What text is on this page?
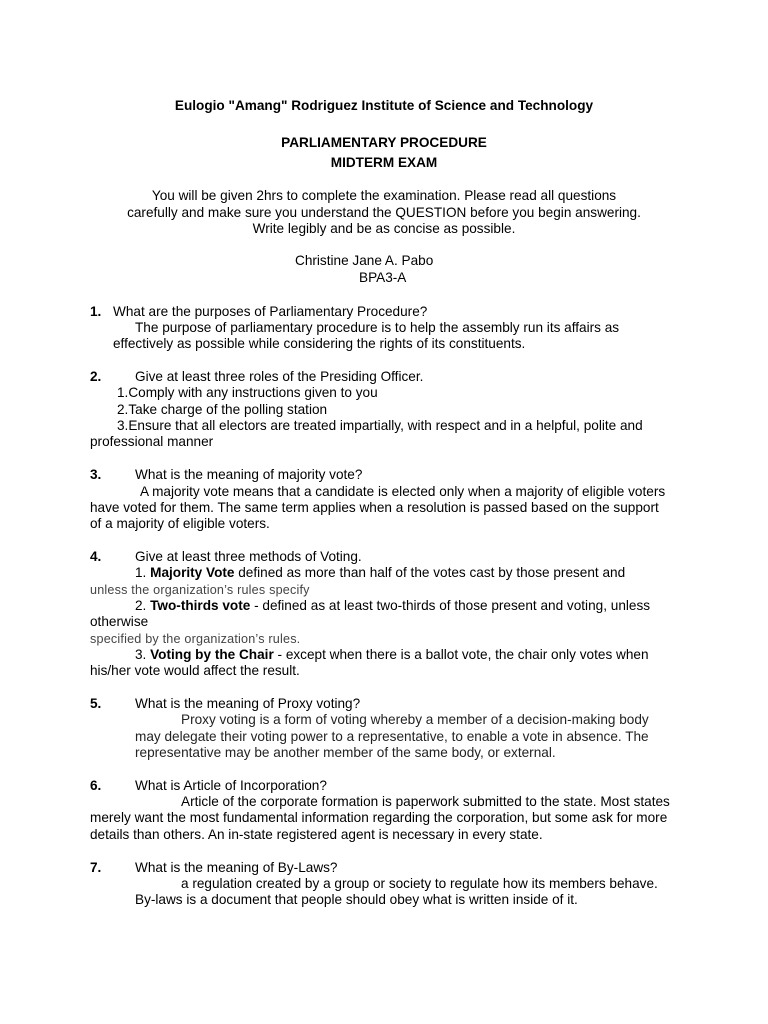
Eulogio "Amang" Rodriguez Institute of Science and Technology

PARLIAMENTARY PROCEDURE

MIDTERM EXAM

You will be given 2hrs to complete the examination. Please read all questions

carefully and make sure you understand the QUESTION before you begin answering.

Write legibly and be as concise as possible.

Christine Jane A. Pabo

BPA3-A

1. What are the purposes of Parliamentary Procedure?

The purpose of parliamentary procedure is to help the assembly run its affairs as

effectively as possible while considering the rights of its constituents.

2. Give at least three roles of the Presiding Officer.

1.Comply with any instructions given to you

2.Take charge of the polling station

3.Ensure that all electors are treated impartially, with respect and in a helpful, polite and

professional manner

3. What is the meaning of majority vote?

A majority vote means that a candidate is elected only when a majority of eligible voters

have voted for them. The same term applies when a resolution is passed based on the support

of a majority of eligible voters.

4. Give at least three methods of Voting.

1. Majority Vote defined as more than half of the votes cast by those present and

unless the organization’s rules specify

2. Two-thirds vote - defined as at least two-thirds of those present and voting, unless

otherwise

specified by the organization’s rules.

3. Voting by the Chair - except when there is a ballot vote, the chair only votes when

his/her vote would affect the result.

5. What is the meaning of Proxy voting?

Proxy voting is a form of voting whereby a member of a decision-making body

may delegate their voting power to a representative, to enable a vote in absence. The

representative may be another member of the same body, or external.

6. What is Article of Incorporation?

Article of the corporate formation is paperwork submitted to the state. Most states

merely want the most fundamental information regarding the corporation, but some ask for more

details than others. An in-state registered agent is necessary in every state.

7. What is the meaning of By-Laws?

a regulation created by a group or society to regulate how its members behave.

By-laws is a document that people should obey what is written inside of it.
